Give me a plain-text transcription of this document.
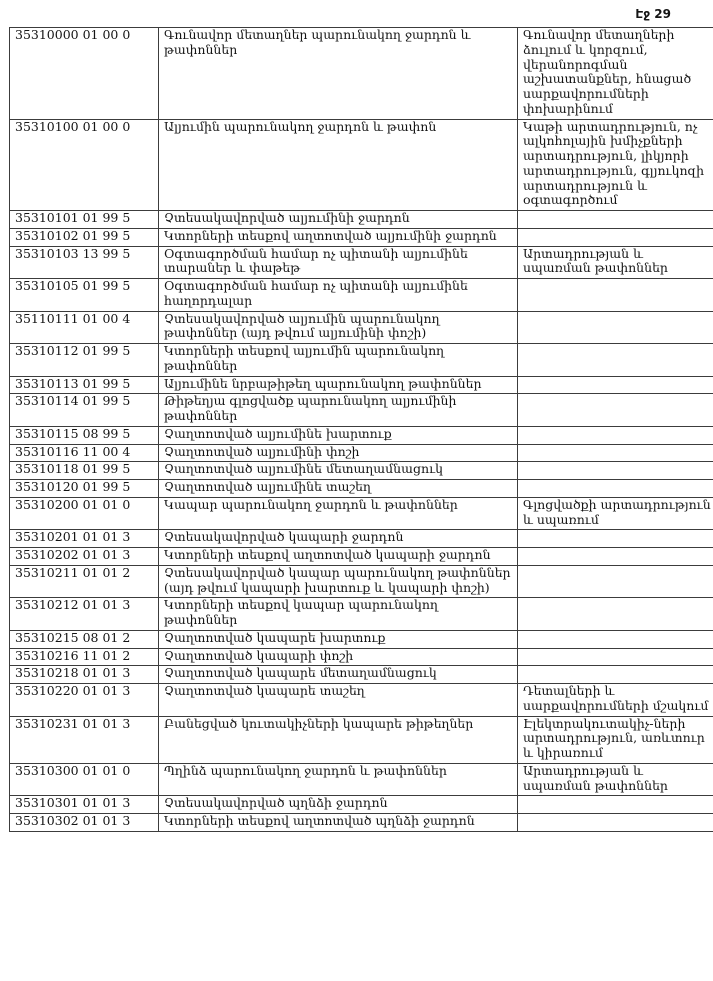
Էջ 29
35310000 01 00 0	Գունավոր մետաղներ պարունակող ջարդոն և թափոններ	Գունավոր մետաղների ձուլում և կորզում, վերանորոգման աշխատանքներ, հնացած սարքավորումների փոխարինում
35310100 01 00 0	Ալյումին պարունակող ջարդոն և թափոն	Կաթի արտադրություն, ոչ ալկոհոլային խմիչքների արտադրություն, լիկյորի արտադրություն, գլյուկոզի արտադրություն և օգտագործում
35310101 01 99 5	Չտեսակավորված ալյումինի ջարդոն	
35310102 01 99 5	Կտորների տեսքով աղտոտված ալյումինի ջարդոն	
35310103 13 99 5	Օգտագործման համար ոչ պիտանի ալյումինե տարաներ և փաթեթ	Արտադրության և սպառման թափոններ
35310105 01 99 5	Օգտագործման համար ոչ պիտանի ալյումինե հաղորդալար	
35110111 01 00 4	Չտեսակավորված ալյումին պարունակող թափոններ (այդ թվում ալյումինի փոշի)	
35310112 01 99 5	Կտորների տեսքով ալյումին պարունակող թափոններ	
35310113 01 99 5	Ալյումինե նրբաթիթեղ պարունակող թափոններ	
35310114 01 99 5	Թիթեղյա գլոցվածք պարունակող ալյումինի թափոններ	
35310115 08 99 5	Չաղտոտված ալյումինե խարտուք	
35310116 11 00 4	Չաղտոտված ալյումինի փոշի	
35310118 01 99 5	Չաղտոտված ալյումինե մետաղամնացուկ	
35310120 01 99 5	Չաղտոտված ալյումինե տաշեղ	
35310200 01 01 0	Կապար պարունակող ջարդոն և թափոններ	Գլոցվածքի արտադրություն և սպառում
35310201 01 01 3	Չտեսակավորված կապարի ջարդոն	
35310202 01 01 3	Կտորների տեսքով աղտոտված կապարի ջարդոն	
35310211 01 01 2	Չտեսակավորված կապար պարունակող թափոններ (այդ թվում կապարի խարտուք և կապարի փոշի)	
35310212 01 01 3	Կտորների տեսքով կապար պարունակող թափոններ	
35310215 08 01 2	Չաղտոտված կապարե խարտուք	
35310216 11 01 2	Չաղտոտված կապարի փոշի	
35310218 01 01 3	Չաղտոտված կապարե մետաղամնացուկ	
35310220 01 01 3	Չաղտոտված կապարե տաշեղ	Դետալների և սարքավորումների մշակում
35310231 01 01 3	Բանեցված կուտակիչների կապարե թիթեղներ	Էլեկտրակուտակիչ-ների արտադրություն, առևտուր և կիրառում
35310300 01 01 0	Պղինձ պարունակող ջարդոն և թափոններ	Արտադրության և սպառման թափոններ
35310301 01 01 3	Չտեսակավորված պղնձի ջարդոն	
35310302 01 01 3	Կտորների տեսքով աղտոտված պղնձի ջարդոն	
